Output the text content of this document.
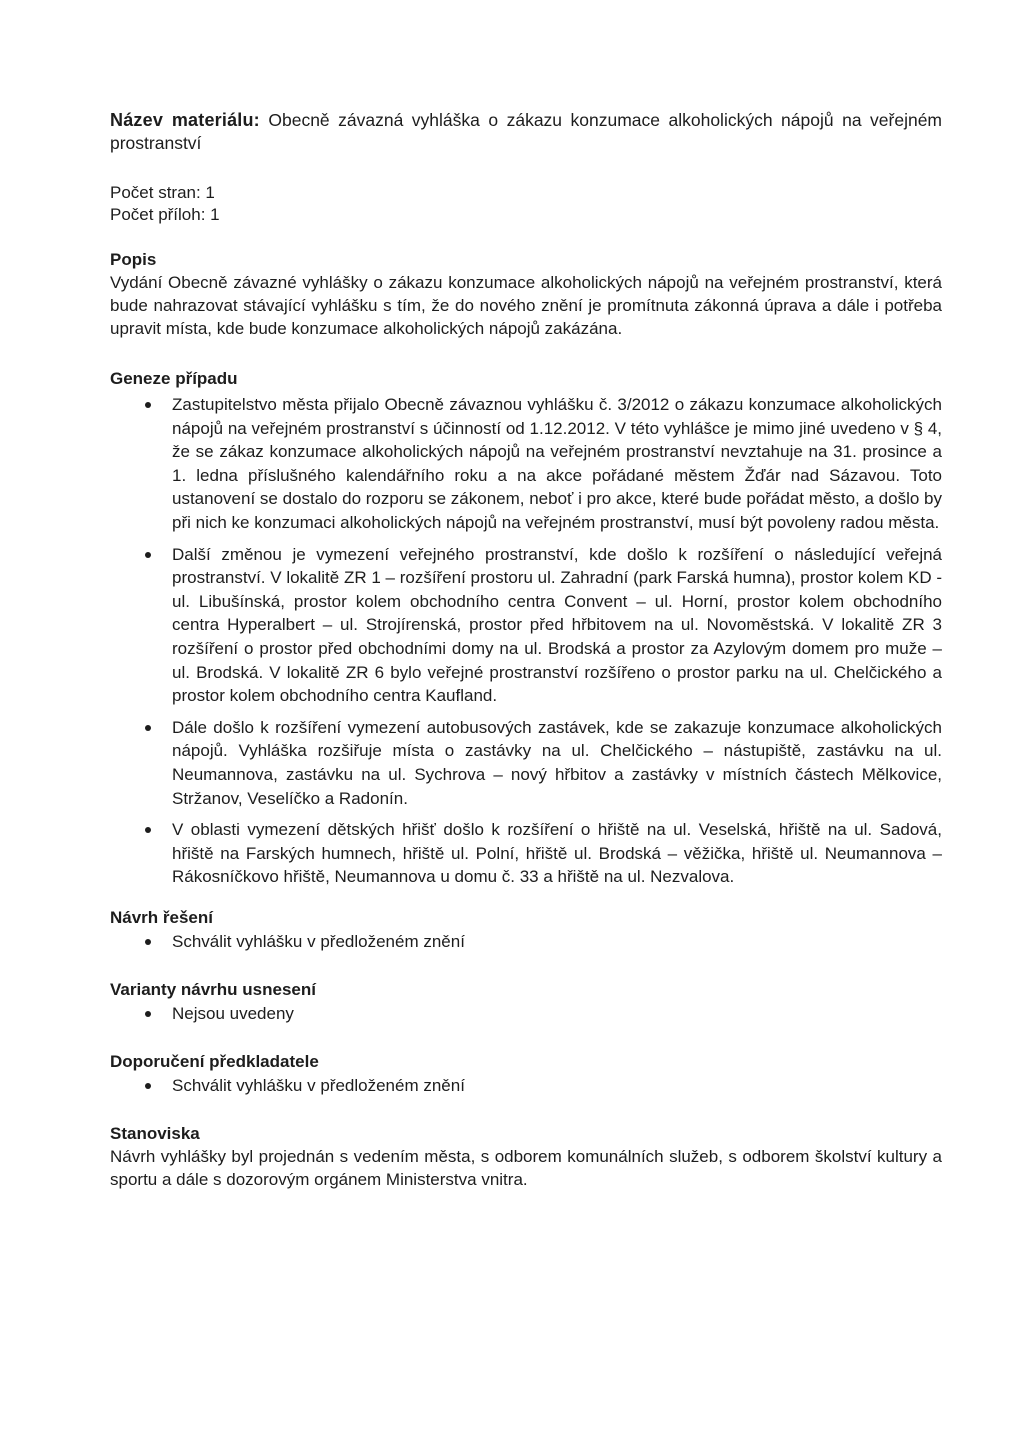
Název materiálu: Obecně závazná vyhláška o zákazu konzumace alkoholických nápojů na veřejném prostranství
Počet stran: 1
Počet příloh: 1
Popis

Vydání Obecně závazné vyhlášky o zákazu konzumace alkoholických nápojů na veřejném prostranství, která bude nahrazovat stávající vyhlášku s tím, že do nového znění je promítnuta zákonná úprava a dále i potřeba upravit místa, kde bude konzumace alkoholických nápojů zakázána.

Geneze případu
Zastupitelstvo města přijalo Obecně závaznou vyhlášku č. 3/2012 o zákazu konzumace alkoholických nápojů na veřejném prostranství s účinností od 1.12.2012. V této vyhlášce je mimo jiné uvedeno v § 4, že se zákaz konzumace alkoholických nápojů na veřejném prostranství nevztahuje na 31. prosince a 1. ledna příslušného kalendářního roku a na akce pořádané městem Žďár nad Sázavou. Toto ustanovení se dostalo do rozporu se zákonem, neboť i pro akce, které bude pořádat město, a došlo by při nich ke konzumaci alkoholických nápojů na veřejném prostranství, musí být povoleny radou města.
Další změnou je vymezení veřejného prostranství, kde došlo k rozšíření o následující veřejná prostranství. V lokalitě ZR 1 – rozšíření prostoru ul. Zahradní (park Farská humna), prostor kolem KD - ul. Libušínská, prostor kolem obchodního centra Convent – ul. Horní, prostor kolem obchodního centra Hyperalbert – ul. Strojírenská, prostor před hřbitovem na ul. Novoměstská. V lokalitě ZR 3 rozšíření o prostor před obchodními domy na ul. Brodská a prostor za Azylovým domem pro muže – ul. Brodská. V lokalitě ZR 6 bylo veřejné prostranství rozšířeno o prostor parku na ul. Chelčického a prostor kolem obchodního centra Kaufland.
Dále došlo k rozšíření vymezení autobusových zastávek, kde se zakazuje konzumace alkoholických nápojů. Vyhláška rozšiřuje místa o zastávky na ul. Chelčického – nástupiště, zastávku na ul. Neumannova, zastávku na ul. Sychrova – nový hřbitov a zastávky v místních částech Mělkovice, Stržanov, Veselíčko a Radonín.
V oblasti vymezení dětských hřišť došlo k rozšíření o hřiště na ul. Veselská, hřiště na ul. Sadová, hřiště na Farských humnech, hřiště ul. Polní, hřiště ul. Brodská – věžička, hřiště ul. Neumannova – Rákosníčkovo hřiště, Neumannova u domu č. 33 a hřiště na ul. Nezvalova.
Návrh řešení
Schválit vyhlášku v předloženém znění
Varianty návrhu usnesení
Nejsou uvedeny
Doporučení předkladatele
Schválit vyhlášku v předloženém znění
Stanoviska

Návrh vyhlášky byl projednán s vedením města, s odborem komunálních služeb, s odborem školství kultury a sportu a dále s dozorovým orgánem Ministerstva vnitra.
